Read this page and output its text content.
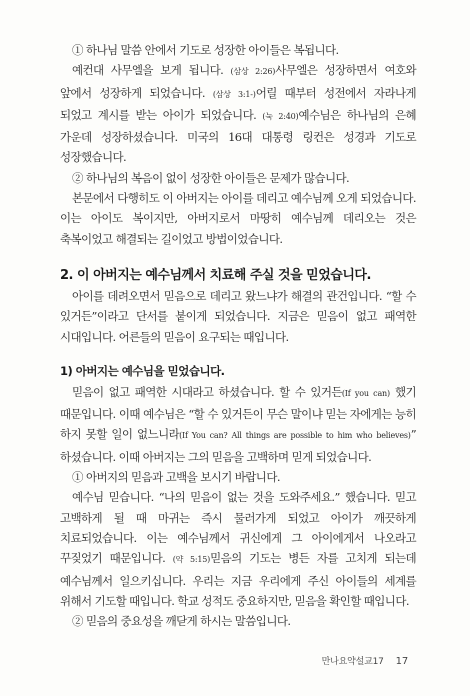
① 하나님 말씀 안에서 기도로 성장한 아이들은 복됩니다.

예컨대 사무엘을 보게 됩니다. (삼상 2:26)사무엘은 성장하면서 여호와 앞에서 성장하게 되었습니다. (삼상 3:1-)어릴 때부터 성전에서 자라나게 되었고 계시를 받는 아이가 되었습니다. (눅 2:40)예수님은 하나님의 은혜 가운데 성장하셨습니다. 미국의 16대 대통령 링컨은 성경과 기도로 성장했습니다.

② 하나님의 복음이 없이 성장한 아이들은 문제가 많습니다.

본문에서 다행히도 이 아버지는 아이를 데리고 예수님께 오게 되었습니다. 이는 아이도 복이지만, 아버지로서 마땅히 예수님께 데리오는 것은 축복이었고 해결되는 길이었고 방법이었습니다.

2. 이 아버지는 예수님께서 치료해 주실 것을 믿었습니다.

아이를 데려오면서 믿음으로 데리고 왔느냐가 해결의 관건입니다. “할 수 있거든”이라고 단서를 붙이게 되었습니다. 지금은 믿음이 없고 패역한 시대입니다. 어른들의 믿음이 요구되는 때입니다.

1) 아버지는 예수님을 믿었습니다.

믿음이 없고 패역한 시대라고 하셨습니다. 할 수 있거든(If you can) 했기 때문입니다. 이때 예수님은 “할 수 있거든이 무슨 말이냐 믿는 자에게는 능히 하지 못할 일이 없느니라(If You can? All things are possible to him who believes)” 하셨습니다. 이때 아버지는 그의 믿음을 고백하며 믿게 되었습니다.

① 아버지의 믿음과 고백을 보시기 바랍니다.

예수님 믿습니다. “나의 믿음이 없는 것을 도와주세요.” 했습니다. 믿고 고백하게 될 때 마귀는 즉시 물러가게 되었고 아이가 깨끗하게 치료되었습니다. 이는 예수님께서 귀신에게 그 아이에게서 나오라고 꾸짖었기 때문입니다. (약 5:15)믿음의 기도는 병든 자를 고치게 되는데 예수님께서 일으키십니다. 우리는 지금 우리에게 주신 아이들의 세계를 위해서 기도할 때입니다. 학교 성적도 중요하지만, 믿음을 확인할 때입니다.

② 믿음의 중요성을 깨닫게 하시는 말씀입니다.

만나요약설교17 17
